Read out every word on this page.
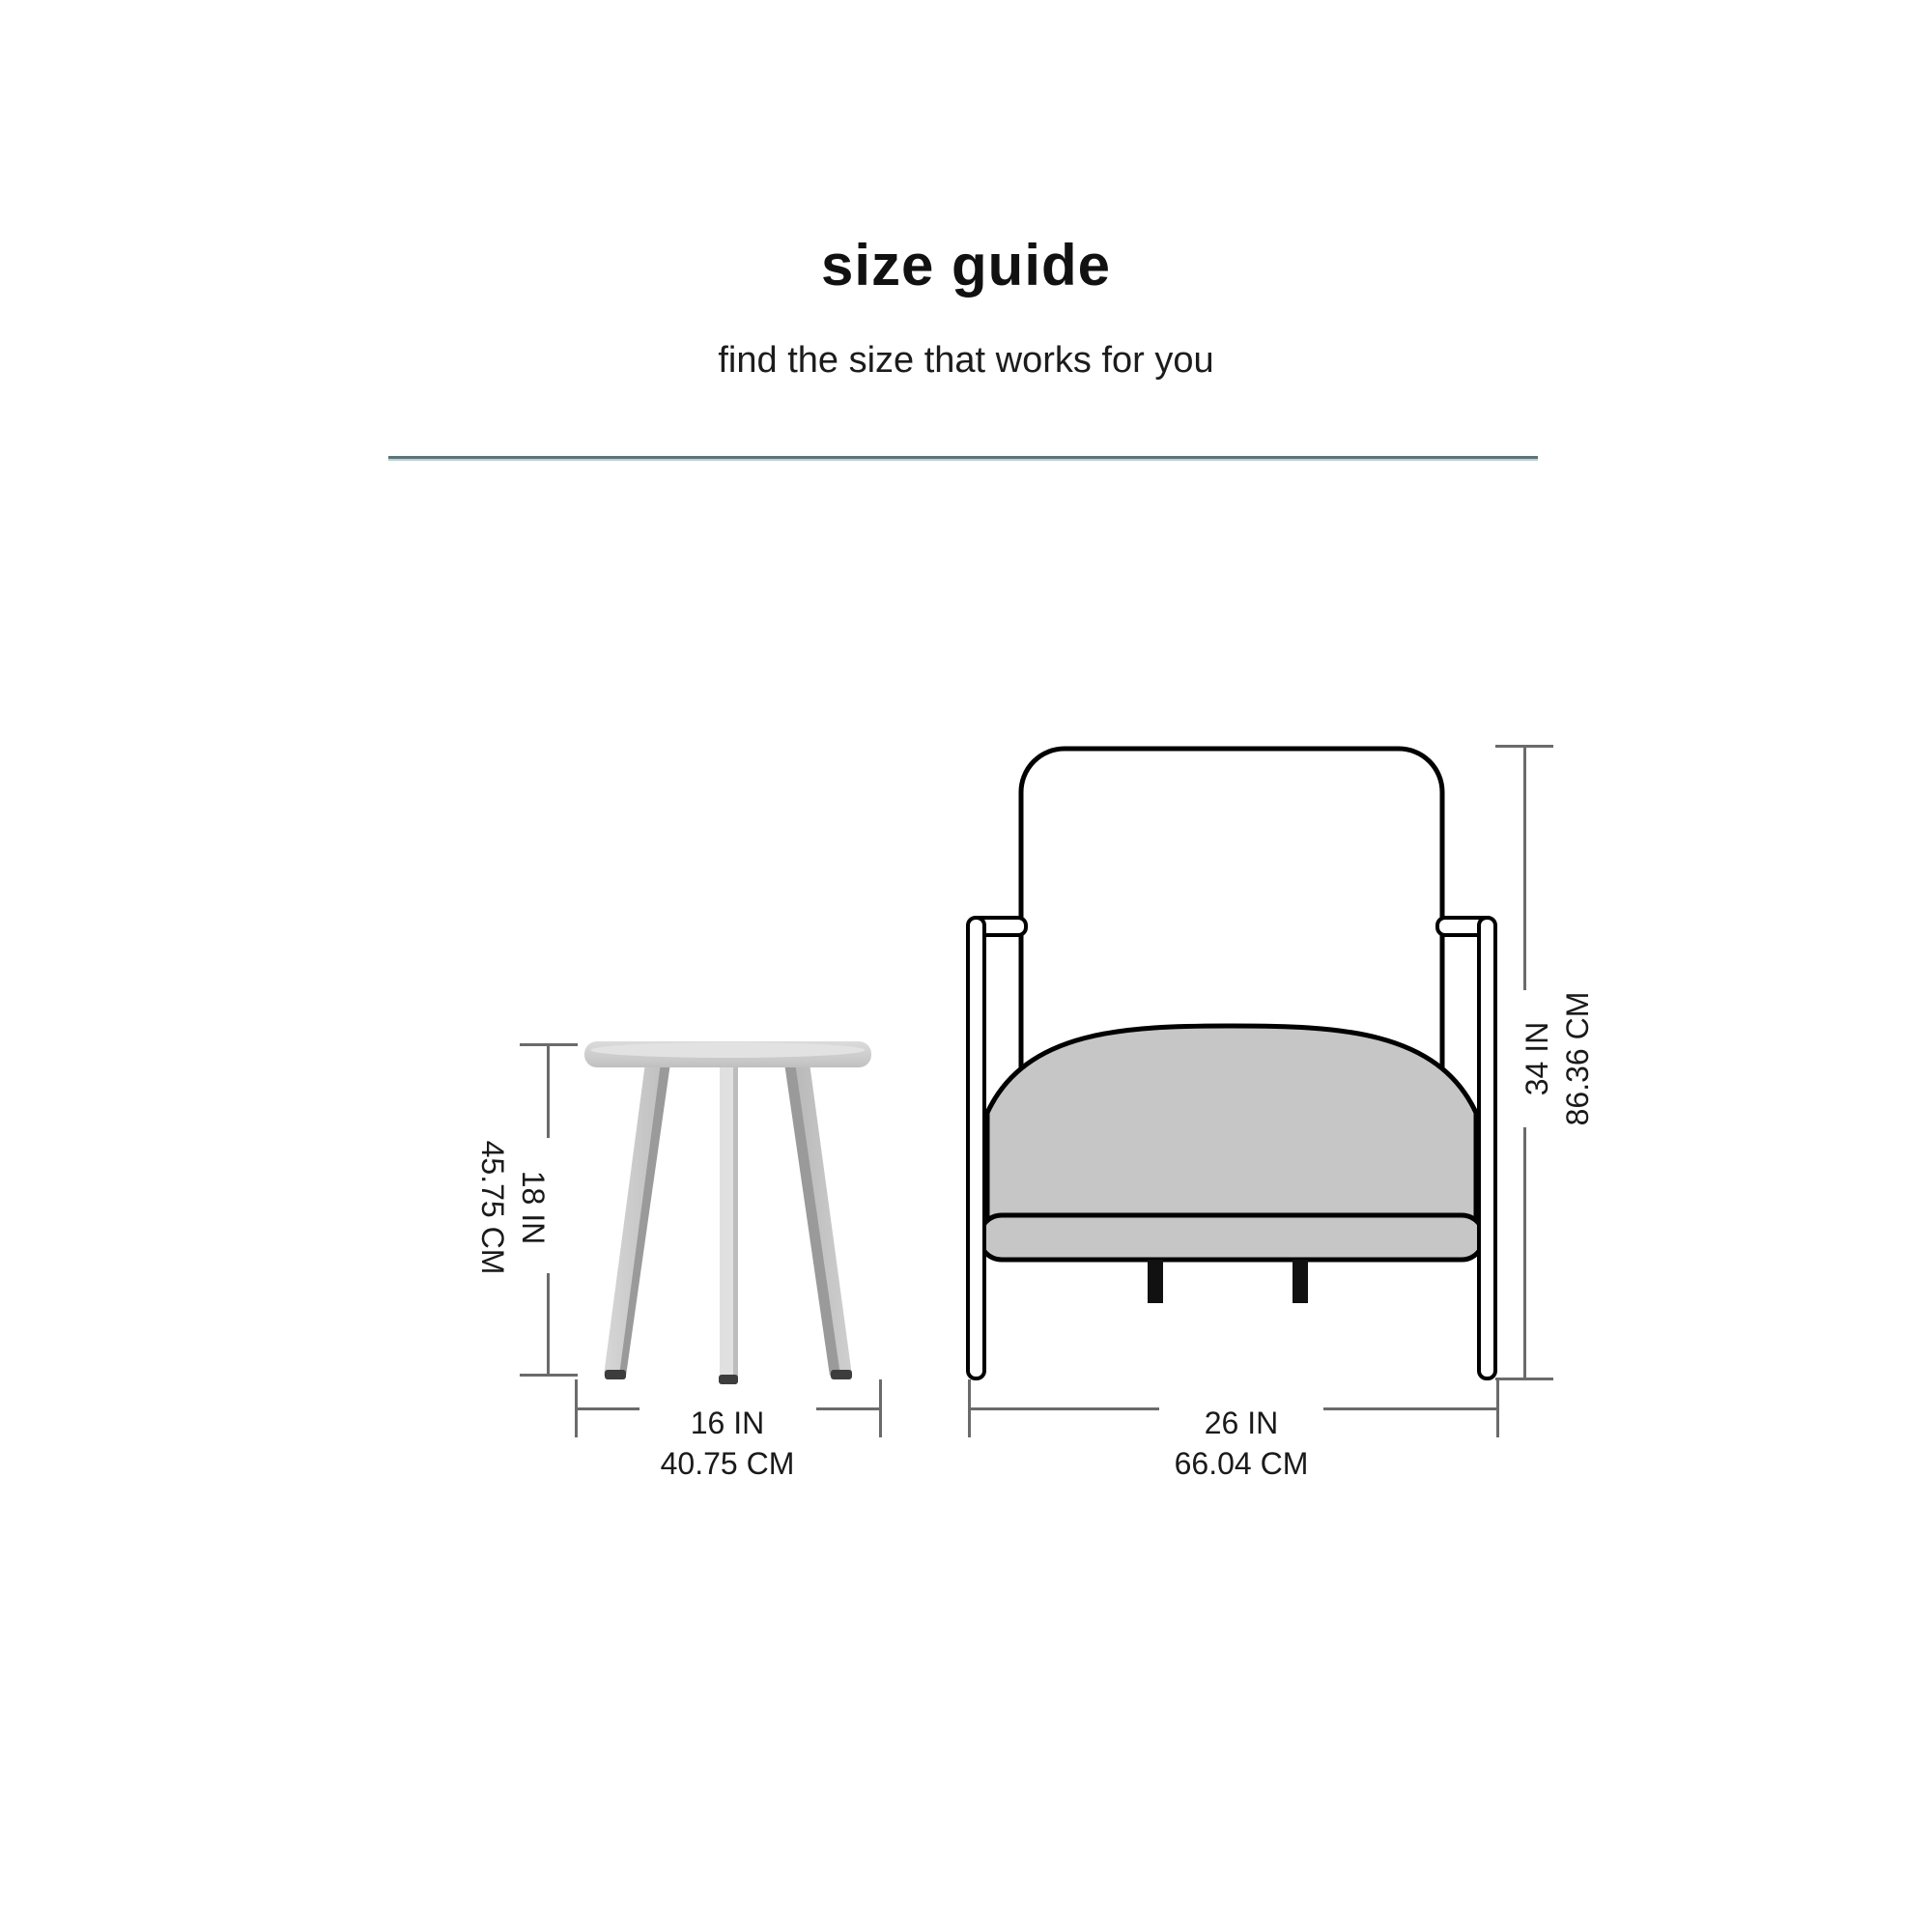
size guide
find the size that works for you
18 IN
45.75 CM
16 IN
40.75 CM
34 IN 86.36 CM
26 IN
66.04 CM
